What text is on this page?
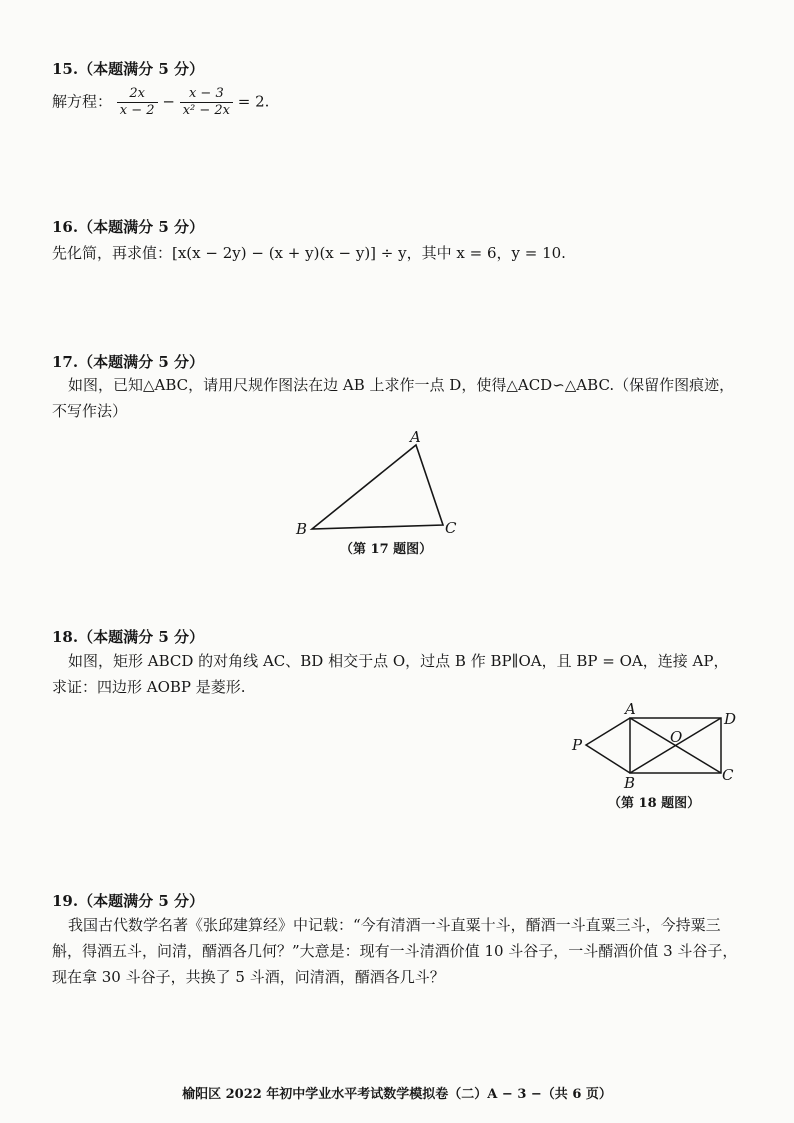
15.（本题满分 5 分）
解方程： $\frac{2x}{x - 2} - \frac{x - 3}{\text{x² − 2x}} = 2$.
16.（本题满分 5 分）
先化简，再求值：[x(x − 2y) − (x + y)(x − y)] ÷ y，其中 x = 6，y = 10.
17.（本题满分 5 分）
如图，已知△ABC，请用尺规作图法在边 AB 上求作一点 D，使得△ACD∽△ABC.（保留作图痕迹，不写作法）
A
B	C
（第 17 题图）
18.（本题满分 5 分）
如图，矩形 ABCD 的对角线 AC、BD 相交于点 O，过点 B 作 BP∥OA，且 BP = OA，连接 AP，求证：四边形 AOBP 是菱形.
A
D
O
P
B	C
（第 18 题图）
19.（本题满分 5 分）
我国古代数学名著《张邱建算经》中记载：“今有清酒一斗直粟十斗，醑酒一斗直粟三斗，今持粟三斛，得酒五斗，问清，醑酒各几何？”大意是：现有一斗清酒价值 10 斗谷子，一斗醑酒价值 3 斗谷子，现在拿 30 斗谷子，共换了 5 斗酒，问清酒，醑酒各几斗？
榆阳区 2022 年初中学业水平考试数学模拟卷（二）A − 3 −（共 6 页）
